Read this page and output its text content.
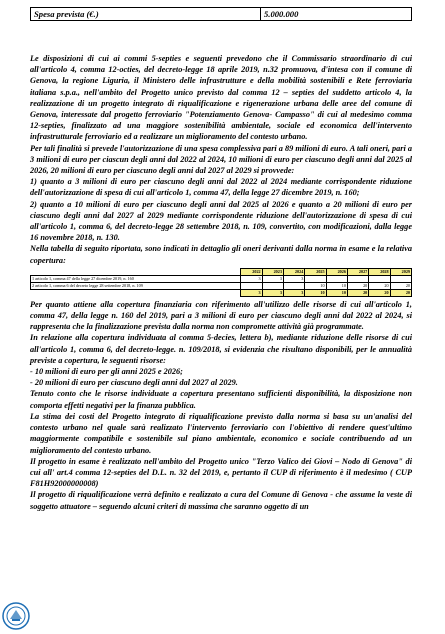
Spesa prevista (€.)	5.000.000

Le disposizioni di cui ai commi 5-septies e seguenti prevedono che il Commissario straordinario di cui all'articolo 4, comma 12-octies, del decreto-legge 18 aprile 2019, n.32 promuova, d'intesa con il comune di Genova, la regione Liguria, il Ministero delle infrastrutture e della mobilità sostenibili e Rete ferroviaria italiana s.p.a., nell'ambito del Progetto unico previsto dal comma 12 – septies del suddetto articolo 4, la realizzazione di un progetto integrato di riqualificazione e rigenerazione urbana delle aree del comune di Genova, interessate dal progetto ferroviario "Potenziamento Genova- Campasso" di cui al medesimo comma 12-septies, finalizzato ad una maggiore sostenibilità ambientale, sociale ed economica dell'intervento infrastrutturale ferroviario ed a realizzare un miglioramento del contesto urbano.

Per tali finalità si prevede l'autorizzazione di una spesa complessiva pari a 89 milioni di euro. A tali oneri, pari a 3 milioni di euro per ciascun degli anni dal 2022 al 2024, 10 milioni di euro per ciascuno degli anni dal 2025 al 2026, 20 milioni di euro per ciascuno degli anni dal 2027 al 2029 si provvede:

1) quanto a 3 milioni di euro per ciascuno degli anni dal 2022 al 2024 mediante corrispondente riduzione dell'autorizzazione di spesa di cui all'articolo 1, comma 47, della legge 27 dicembre 2019, n. 160;

2) quanto a 10 milioni di euro per ciascuno degli anni dal 2025 al 2026 e quanto a 20 milioni di euro per ciascuno degli anni dal 2027 al 2029 mediante corrispondente riduzione dell'autorizzazione di spesa di cui all'articolo 1, comma 6, del decreto-legge 28 settembre 2018, n. 109, convertito, con modificazioni, dalla legge 16 novembre 2018, n. 130.

Nella tabella di seguito riportata, sono indicati in dettaglio gli oneri derivanti dalla norma in esame e la relativa copertura:

	2022	2023	2024	2025	2026	2027	2028	2029
1 articolo 1, comma 47 della legge 27 dicembre 2019, n. 160	3	3	3					
2 articolo 1, comma 6 del decreto legge 28 settembre 2018, n. 109				10	10	20	20	20
	3	3	3	10	10	20	20	20

Per quanto attiene alla copertura finanziaria con riferimento all'utilizzo delle risorse di cui all'articolo 1, comma 47, della legge n. 160 del 2019, pari a 3 milioni di euro per ciascuno degli anni dal 2022 al 2024, si rappresenta che la finalizzazione prevista dalla norma non compromette attività già programmate.

In relazione alla copertura individuata al comma 5-decies, lettera b), mediante riduzione delle risorse di cui all'articolo 1, comma 6, del decreto-legge. n. 109/2018, si evidenzia che risultano disponibili, per le annualità previste a copertura, le seguenti risorse:

- 10 milioni di euro per gli anni 2025 e 2026;

- 20 milioni di euro per ciascuno degli anni dal 2027 al 2029.

Tenuto conto che le risorse individuate a copertura presentano sufficienti disponibilità, la disposizione non comporta effetti negativi per la finanza pubblica.

La stima dei costi del Progetto integrato di riqualificazione previsto dalla norma si basa su un'analisi del contesto urbano nel quale sarà realizzato l'intervento ferroviario con l'obiettivo di rendere quest'ultimo maggiormente compatibile e sostenibile sul piano ambientale, economico e sociale contribuendo ad un miglioramento del contesto urbano.

Il progetto in esame è realizzato nell'ambito del Progetto unico "Terzo Valico dei Giovi – Nodo di Genova" di cui all' art.4 comma 12-septies del D.L. n. 32 del 2019, e, pertanto il CUP di riferimento è il medesimo ( CUP F81H92000000008)

Il progetto di riqualificazione verrà definito e realizzato a cura del Comune di Genova - che assume la veste di soggetto attuatore – seguendo alcuni criteri di massima che saranno oggetto di un
